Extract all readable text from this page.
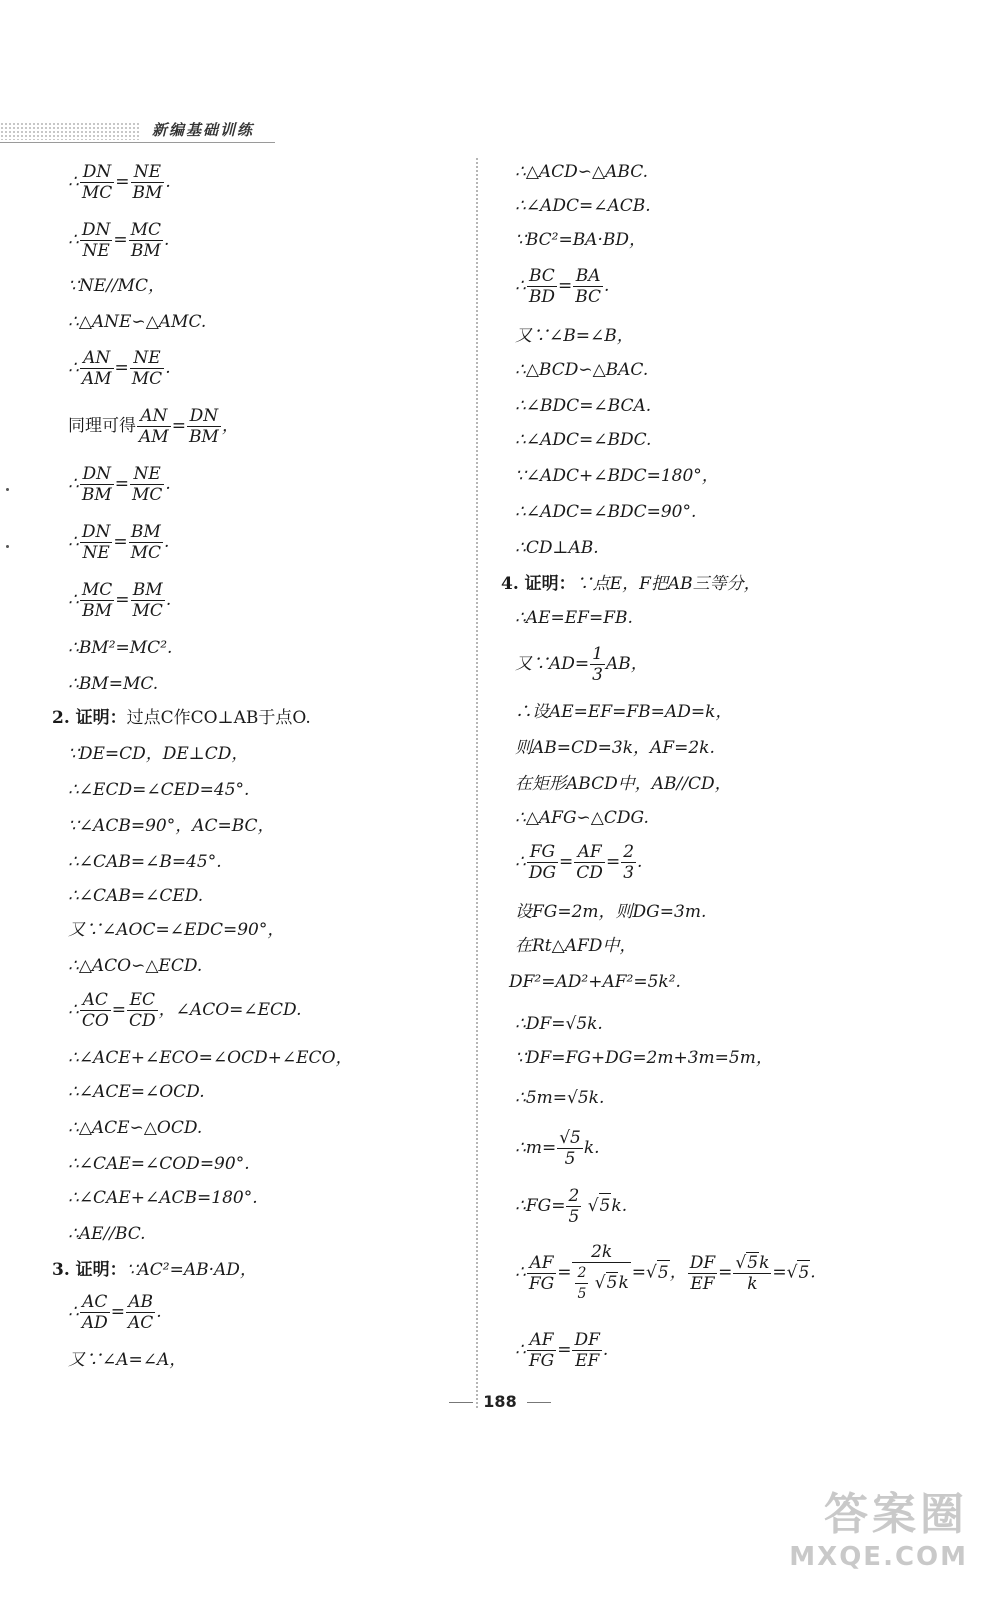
新编基础训练
∴ $\frac{DN}{MC} = \frac{NE}{BM}$ .
∴ $\frac{DN}{NE} = \frac{MC}{BM}$ .
∵NE//MC，
∴△ANE∽△AMC.
∴ $\frac{AN}{AM} = \frac{NE}{MC}$ .
同理可得 $\frac{AN}{AM} = \frac{DN}{BM}$ ，
∴ $\frac{DN}{BM} = \frac{NE}{MC}$ .
∴ $\frac{DN}{NE} = \frac{BM}{MC}$ .
∴ $\frac{MC}{BM} = \frac{BM}{MC}$ .
∴BM²=MC².
∴BM=MC.
2. 证明：过点C作CO⊥AB于点O.
∵DE=CD，DE⊥CD，
∴∠ECD=∠CED=45°.
∵∠ACB=90°，AC=BC，
∴∠CAB=∠B=45°.
∴∠CAB=∠CED.
又∵∠AOC=∠EDC=90°，
∴△ACO∽△ECD.
∴ $\frac{AC}{CO} = \frac{EC}{CD}$ ，∠ACO=∠ECD.
∴∠ACE+∠ECO=∠OCD+∠ECO，
∴∠ACE=∠OCD.
∴△ACE∽△OCD.
∴∠CAE=∠COD=90°.
∴∠CAE+∠ACB=180°.
∴AE//BC.
3. 证明：∵AC²=AB·AD，
∴ $\frac{AC}{AD} = \frac{AB}{AC}$ .
又∵∠A=∠A，
∴△ACD∽△ABC.
∴∠ADC=∠ACB.
∵BC²=BA·BD，
∴ $\frac{BC}{BD} = \frac{BA}{BC}$ .
又∵∠B=∠B，
∴△BCD∽△BAC.
∴∠BDC=∠BCA.
∴∠ADC=∠BDC.
∵∠ADC+∠BDC=180°，
∴∠ADC=∠BDC=90°.
∴CD⊥AB.
4. 证明：∵点E，F把AB三等分，
∴AE=EF=FB.
又∵AD= $\frac{1}{3}$ AB，
∴设AE=EF=FB=AD=k，
则AB=CD=3k，AF=2k.
在矩形ABCD中，AB//CD，
∴△AFG∽△CDG.
∴ $\frac{FG}{DG} = \frac{AF}{CD} = \frac{2}{3}$ .
设FG=2m，则DG=3m.
在Rt△AFD中，
DF²=AD²+AF²=5k².
∴DF=√5k.
∵DF=FG+DG=2m+3m=5m，
∴5m=√5k.
∴m= $\frac{√5}{5} k$.
∴FG= $\frac{2}{5} √5k$.
∴ $\frac{AF}{FG} = \frac{2k}{\frac{2}{5} √5k} =√5$， $\frac{DF}{EF} = \frac{√5k}{k} =√5$.
∴ $\frac{AF}{FG} = \frac{DF}{EF}$ .
188
答案圈
MXQE.COM
